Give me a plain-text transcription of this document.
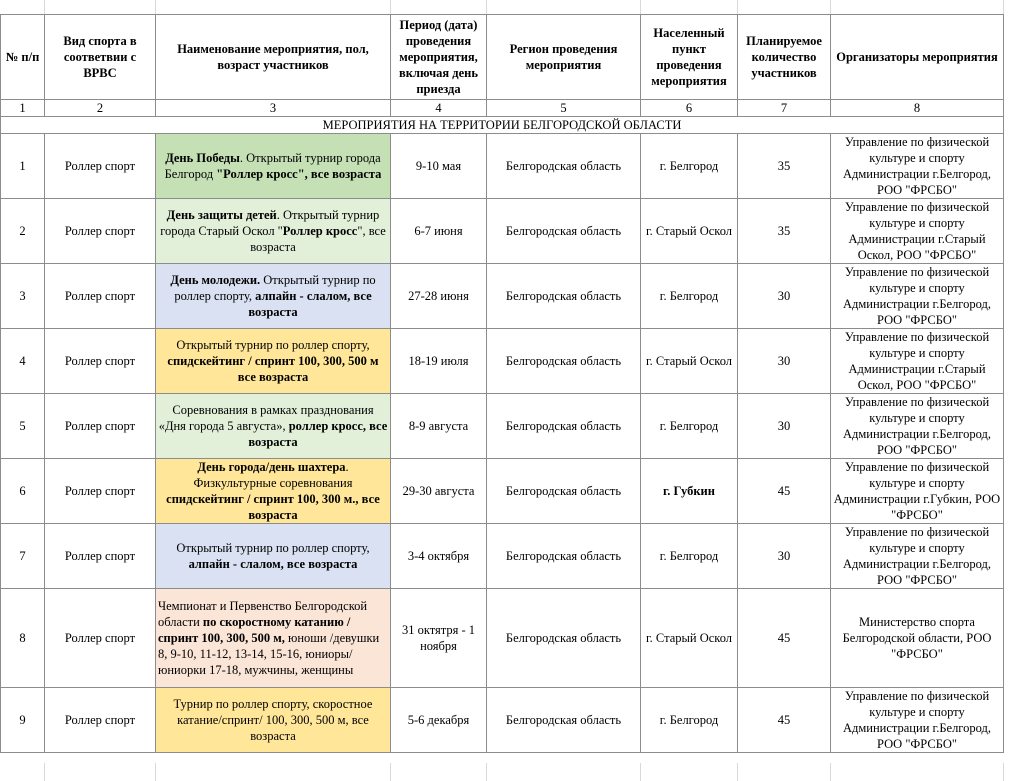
№ п/п	Вид спорта в соответвии с ВРВС	Наименование мероприятия, пол, возраст участников	Период (дата) проведения мероприятия, включая день приезда	Регион проведения мероприятия	Населенный пункт проведения мероприятия	Планируемое количество участников	Организаторы мероприятия
1	2	3	4	5	6	7	8
МЕРОПРИЯТИЯ НА ТЕРРИТОРИИ БЕЛГОРОДСКОЙ ОБЛАСТИ							
1	Роллер спорт	Дeнь Победы. Открытый турнир города Белгород "Роллер кросс", все возраста	9-10 мая	Белгородская область	г. Белгород	35	Управление по физической культуре и спорту Администрации г.Белгород, РОО "ФРСБО"
2	Роллер спорт	День защиты детей. Открытый турнир города Старый Оскол "Роллер кросс", все возраста	6-7 июня	Белгородская область	г. Старый Оскол	35	Управление по физической культуре и спорту Администрации г.Старый Оскол, РОО "ФРСБО"
3	Роллер спорт	День молодежи. Открытый турнир по роллер спорту, алпайн - слалом, все возраста	27-28 июня	Белгородская область	г. Белгород	30	Управление по физической культуре и спорту Администрации г.Белгород, РОО "ФРСБО"
4	Роллер спорт	Открытый турнир по роллер спорту, спидскейтинг / спринт 100, 300, 500 м все возраста	18-19 июля	Белгородская область	г. Старый Оскол	30	Управление по физической культуре и спорту Администрации г.Старый Оскол, РОО "ФРСБО"
5	Роллер спорт	Соревнования в рамках празднования «Дня города 5 августа», роллер кросс, все возраста	8-9 августа	Белгородская область	г. Белгород	30	Управление по физической культуре и спорту Администрации г.Белгород, РОО "ФРСБО"
6	Роллер спорт	День города/день шахтера. Физкультурные соревнования спидскейтинг / спринт 100, 300 м., все возраста	29-30 августа	Белгородская область	г. Губкин	45	Управление по физической культуре и спорту Администрации г.Губкин, РОО "ФРСБО"
7	Роллер спорт	Открытый турнир по роллер спорту, алпайн - слалом, все возраста	3-4 октября	Белгородская область	г. Белгород	30	Управление по физической культуре и спорту Администрации г.Белгород, РОО "ФРСБО"
8	Роллер спорт	Чемпионат и Первенство Белгородской области по скоростному катанию / спринт 100, 300, 500 м, юноши /девушки 8, 9-10, 11-12, 13-14, 15-16, юниоры/юниорки 17-18, мужчины, женщины	31 октятря - 1 ноября	Белгородская область	г. Старый Оскол	45	Министерство спорта Белгородской области, РОО "ФРСБО"
9	Роллер спорт	Турнир по роллер спорту, скоростное катание/спринт/ 100, 300, 500 м, все возраста	5-6 декабря	Белгородская область	г. Белгород	45	Управление по физической культуре и спорту Администрации г.Белгород, РОО "ФРСБО"
